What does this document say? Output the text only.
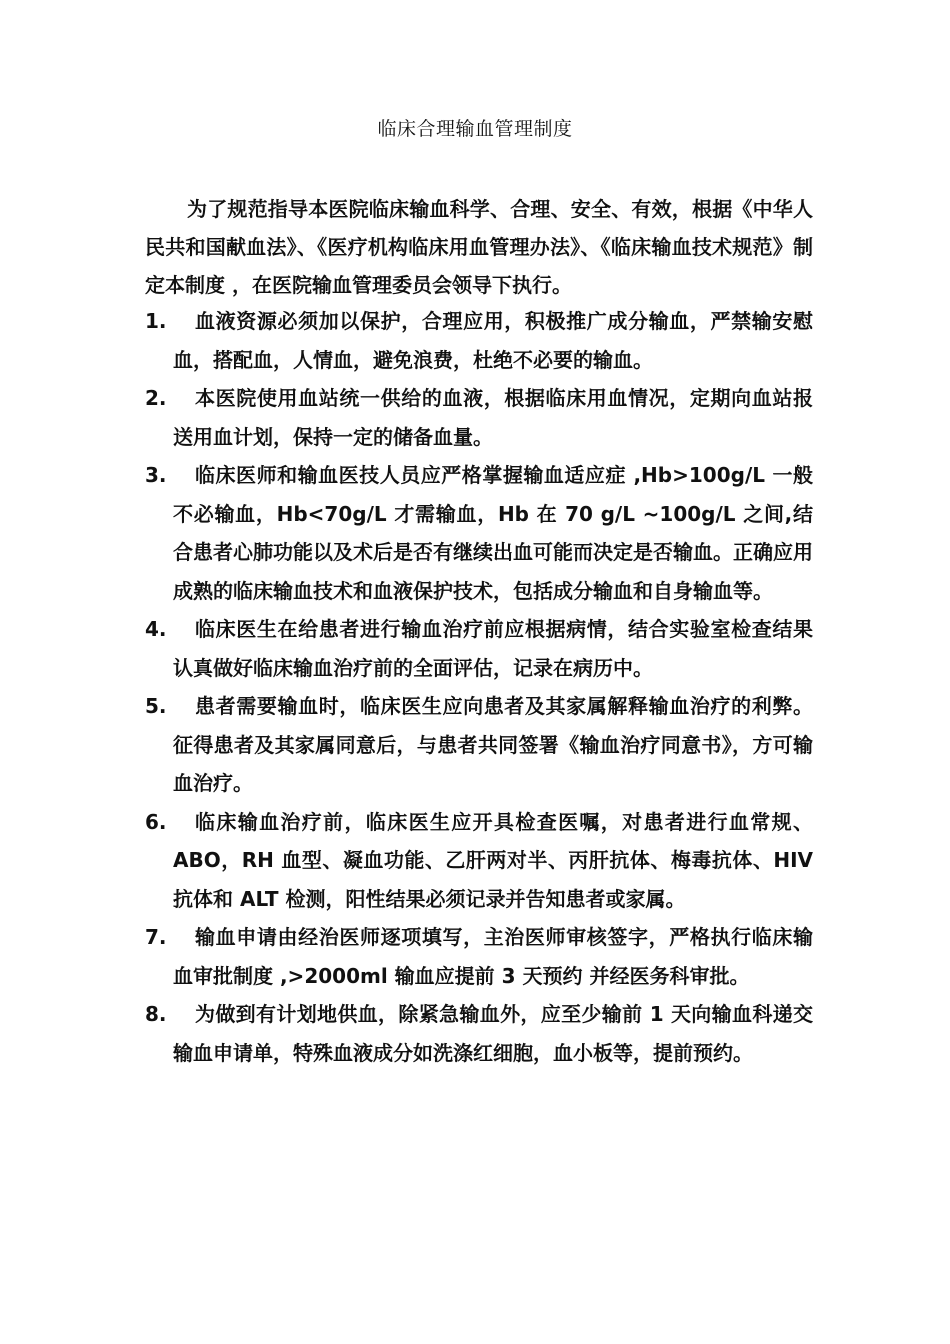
临床合理输血管理制度
为了规范指导本医院临床输血科学、合理、安全、有效，根据《中华人民共和国献血法》、《医疗机构临床用血管理办法》、《临床输血技术规范》制定本制度 ，在医院输血管理委员会领导下执行。
1.	血液资源必须加以保护，合理应用，积极推广成分输血，严禁输安慰血，搭配血，人情血，避免浪费，杜绝不必要的输血。
2.	本医院使用血站统一供给的血液，根据临床用血情况，定期向血站报送用血计划，保持一定的储备血量。
3.	临床医师和输血医技人员应严格掌握输血适应症 ,Hb>100g/L 一般不必输血，Hb<70g/L 才需输血，Hb 在 70 g/L ~100g/L 之间,结合患者心肺功能以及术后是否有继续出血可能而决定是否输血。正确应用成熟的临床输血技术和血液保护技术，包括成分输血和自身输血等。
4.	临床医生在给患者进行输血治疗前应根据病情，结合实验室检查结果认真做好临床输血治疗前的全面评估，记录在病历中。
5.	患者需要输血时，临床医生应向患者及其家属解释输血治疗的利弊。征得患者及其家属同意后，与患者共同签署《输血治疗同意书》，方可输血治疗。
6.	临床输血治疗前，临床医生应开具检查医嘱，对患者进行血常规、ABO，RH 血型、凝血功能、乙肝两对半、丙肝抗体、梅毒抗体、HIV 抗体和 ALT 检测，阳性结果必须记录并告知患者或家属。
7.	输血申请由经治医师逐项填写，主治医师审核签字，严格执行临床输血审批制度 ,>2000ml 输血应提前 3 天预约 并经医务科审批。
8.	为做到有计划地供血，除紧急输血外，应至少输前 1 天向输血科递交输血申请单，特殊血液成分如洗涤红细胞，血小板等，提前预约。
